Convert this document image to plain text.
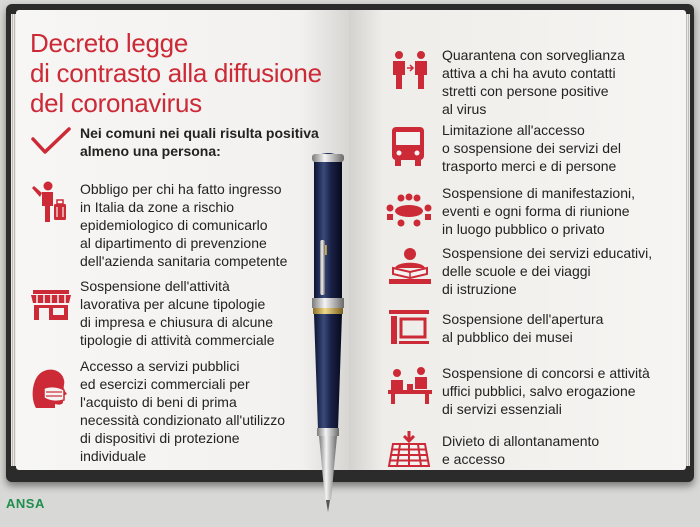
Decreto legge
di contrasto alla diffusione
del coronavirus
Nei comuni nei quali risulta positiva
almeno una persona:
Obbligo per chi ha fatto ingresso
in Italia da zone a rischio
epidemiologico di comunicarlo
al dipartimento di prevenzione
dell'azienda sanitaria competente
Sospensione dell'attività
lavorativa per alcune tipologie
di impresa e chiusura di alcune
tipologie di attività commerciale
Accesso a servizi pubblici
ed esercizi commerciali per
l'acquisto di beni di prima
necessità condizionato all'utilizzo
di dispositivi di protezione
individuale
Quarantena con sorveglianza
attiva a chi ha avuto contatti
stretti con persone positive
al virus
Limitazione all'accesso
o sospensione dei servizi del
trasporto merci e di persone
Sospensione di manifestazioni,
eventi e ogni forma di riunione
in luogo pubblico o privato
Sospensione dei servizi educativi,
delle scuole e dei viaggi
di istruzione
Sospensione dell'apertura
al pubblico dei musei
Sospensione di concorsi e attività
uffici pubblici, salvo erogazione
di servizi essenziali
Divieto di allontanamento
e accesso
ANSA
